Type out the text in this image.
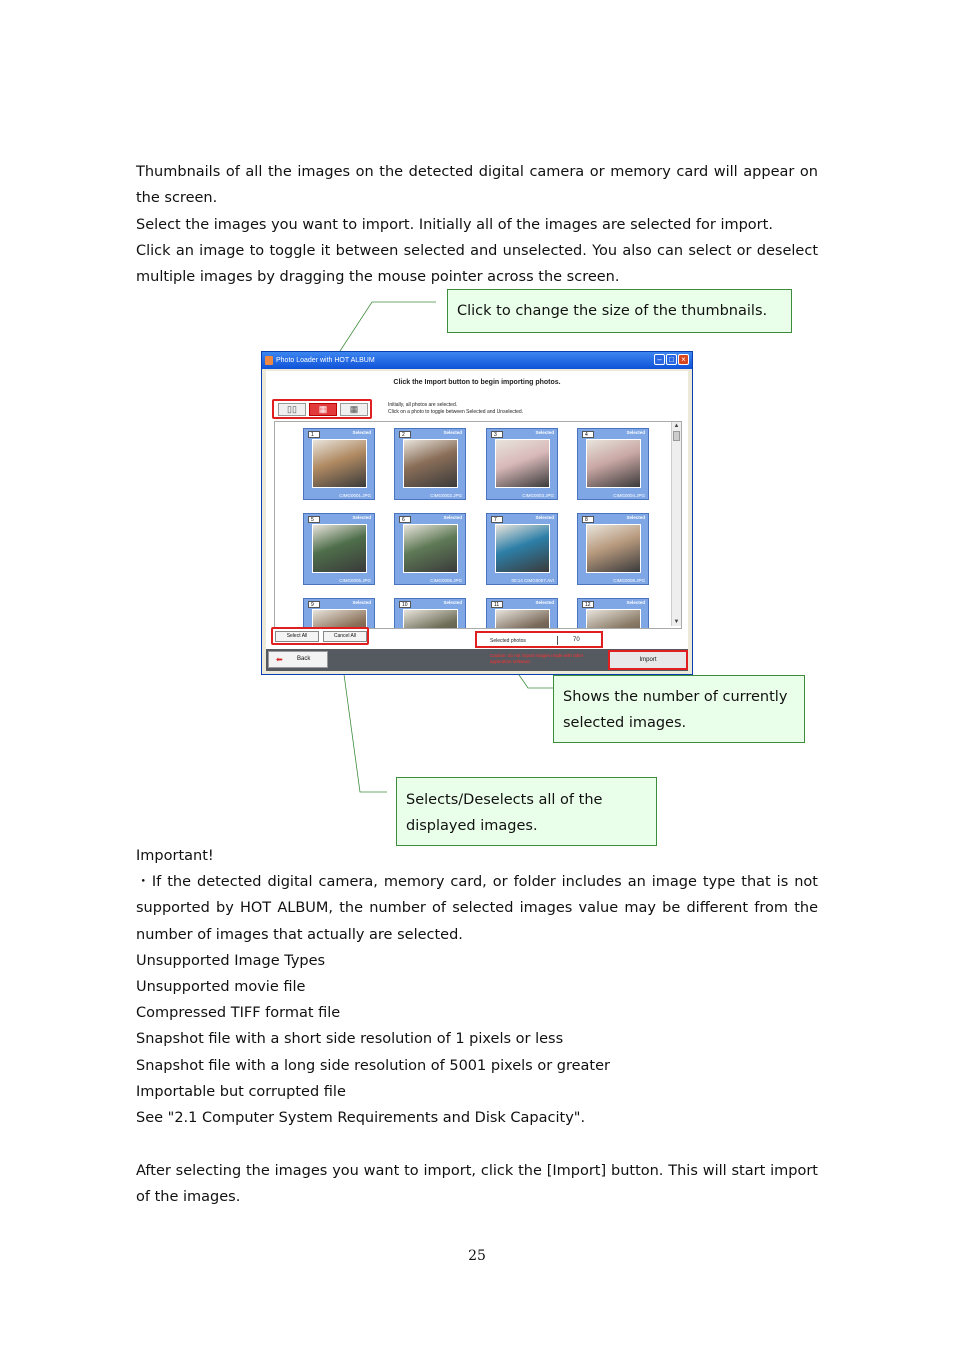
Thumbnails of all the images on the detected digital camera or memory card will appear on the screen.
Select the images you want to import. Initially all of the images are selected for import.
Click an image to toggle it between selected and unselected. You also can select or deselect multiple images by dragging the mouse pointer across the screen.
Click to change the size of the thumbnails.
Shows the number of currently selected images.
Selects/Deselects all of the displayed images.
Photo Loader with HOT ALBUM	– □ ×
Click the Import button to begin importing photos.
▯▯	▦	▦	Initially, all photos are selected.
Click on a photo to toggle between Selected and Unselected.
1	Selected
CIMG0001.JPG
2	Selected
CIMG0002.JPG
3	Selected
CIMG0003.JPG
4	Selected
CIMG0004.JPG
5	Selected
CIMG0005.JPG
6	Selected
CIMG0006.JPG
7	Selected
00:14 CIMG0007.AVI
8	Selected
CIMG0008.JPG
9	Selected	10	Selected	11	Selected	12	Selected
▲
▼
Select All	Cancel All
Selected photos	70
⬅ Back
Caution: do not import images made with other application software.	Import
Important!
・If the detected digital camera, memory card, or folder includes an image type that is not supported by HOT ALBUM, the number of selected images value may be different from the number of images that actually are selected.
Unsupported Image Types
Unsupported movie file
Compressed TIFF format file
Snapshot file with a short side resolution of 1 pixels or less
Snapshot file with a long side resolution of 5001 pixels or greater
Importable but corrupted file
See "2.1 Computer System Requirements and Disk Capacity".
After selecting the images you want to import, click the [Import] button. This will start import of the images.
25
